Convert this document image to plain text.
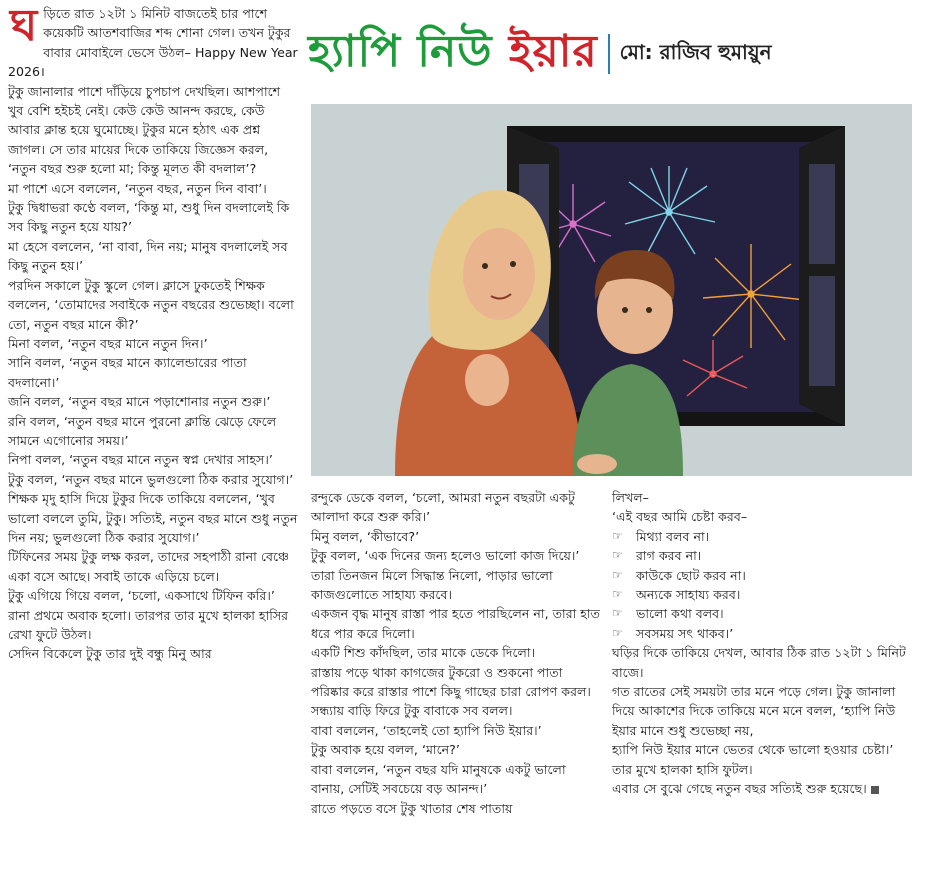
হ্যাপি নিউ ইয়ার মো: রাজিব হুমায়ুন
ঘ ড়িতে রাত ১২টা ১ মিনিট বাজতেই চার পাশে কয়েকটি আতশবাজির শব্দ শোনা গেল। তখন টুকুর বাবার মোবাইলে ভেসে উঠল– Happy New Year 2026।

টুকু জানালার পাশে দাঁড়িয়ে চুপচাপ দেখছিল। আশপাশে খুব বেশি হইচই নেই। কেউ কেউ আনন্দ করছে, কেউ আবার ক্লান্ত হয়ে ঘুমোচ্ছে। টুকুর মনে হঠাৎ এক প্রশ্ন জাগল। সে তার মায়ের দিকে তাকিয়ে জিজ্ঞেস করল, ‘নতুন বছর শুরু হলো মা; কিন্তু মূলত কী বদলাল’?

মা পাশে এসে বললেন, ‘নতুন বছর, নতুন দিন বাবা’।

টুকু দ্বিধাভরা কণ্ঠে বলল, ‘কিন্তু মা, শুধু দিন বদলালেই কি সব কিছু নতুন হয়ে যায়?’

মা হেসে বললেন, ‘না বাবা, দিন নয়; মানুষ বদলালেই সব কিছু নতুন হয়।’

পরদিন সকালে টুকু স্কুলে গেল। ক্লাসে ঢুকতেই শিক্ষক বললেন, ‘তোমাদের সবাইকে নতুন বছরের শুভেচ্ছা। বলো তো, নতুন বছর মানে কী?’

মিনা বলল, ‘নতুন বছর মানে নতুন দিন।’

সানি বলল, ‘নতুন বছর মানে ক্যালেন্ডারের পাতা বদলানো।’

জনি বলল, ‘নতুন বছর মানে পড়াশোনার নতুন শুরু।’

রনি বলল, ‘নতুন বছর মানে পুরনো ক্লান্তি ঝেড়ে ফেলে সামনে এগোনোর সময়।’

নিপা বলল, ‘নতুন বছর মানে নতুন স্বপ্ন দেখার সাহস।’

টুকু বলল, ‘নতুন বছর মানে ভুলগুলো ঠিক করার সুযোগ।’

শিক্ষক মৃদু হাসি দিয়ে টুকুর দিকে তাকিয়ে বললেন, ‘খুব ভালো বললে তুমি, টুকু। সত্যিই, নতুন বছর মানে শুধু নতুন দিন নয়; ভুলগুলো ঠিক করার সুযোগ।’

টিফিনের সময় টুকু লক্ষ করল, তাদের সহপাঠী রানা বেঞ্চে একা বসে আছে। সবাই তাকে এড়িয়ে চলে।

টুকু এগিয়ে গিয়ে বলল, ‘চলো, একসাথে টিফিন করি।’

রানা প্রথমে অবাক হলো। তারপর তার মুখে হালকা হাসির রেখা ফুটে উঠল।

সেদিন বিকেলে টুকু তার দুই বন্ধু মিনু আর

রন্দুকে ডেকে বলল, ‘চলো, আমরা নতুন বছরটা একটু আলাদা করে শুরু করি।’

মিনু বলল, ‘কীভাবে?’

টুকু বলল, ‘এক দিনের জন্য হলেও ভালো কাজ দিয়ে।’

তারা তিনজন মিলে সিদ্ধান্ত নিলো, পাড়ার ভালো কাজগুলোতে সাহায্য করবে।

একজন বৃদ্ধ মানুষ রাস্তা পার হতে পারছিলেন না, তারা হাত ধরে পার করে দিলো।

একটি শিশু কাঁদছিল, তার মাকে ডেকে দিলো।

রাস্তায় পড়ে থাকা কাগজের টুকরো ও শুকনো পাতা পরিষ্কার করে রাস্তার পাশে কিছু গাছের চারা রোপণ করল।

সন্ধ্যায় বাড়ি ফিরে টুকু বাবাকে সব বলল।

বাবা বললেন, ‘তাহলেই তো হ্যাপি নিউ ইয়ার।’

টুকু অবাক হয়ে বলল, ‘মানে?’

বাবা বললেন, ‘নতুন বছর যদি মানুষকে একটু ভালো বানায়, সেটিই সবচেয়ে বড় আনন্দ।’

রাতে পড়তে বসে টুকু খাতার শেষ পাতায়

লিখল–

‘এই বছর আমি চেষ্টা করব–

☞	মিথ্যা বলব না।
☞	রাগ করব না।
☞	কাউকে ছোট করব না।
☞	অন্যকে সাহায্য করব।
☞	ভালো কথা বলব।
☞	সবসময় সৎ থাকব।’

ঘড়ির দিকে তাকিয়ে দেখল, আবার ঠিক রাত ১২টা ১ মিনিট বাজে।

গত রাতের সেই সময়টা তার মনে পড়ে গেল। টুকু জানালা দিয়ে আকাশের দিকে তাকিয়ে মনে মনে বলল, ‘হ্যাপি নিউ ইয়ার মানে শুধু শুভেচ্ছা নয়,

হ্যাপি নিউ ইয়ার মানে ভেতর থেকে ভালো হওয়ার চেষ্টা।’

তার মুখে হালকা হাসি ফুটল।

এবার সে বুঝে গেছে নতুন বছর সত্যিই শুরু হয়েছে।
